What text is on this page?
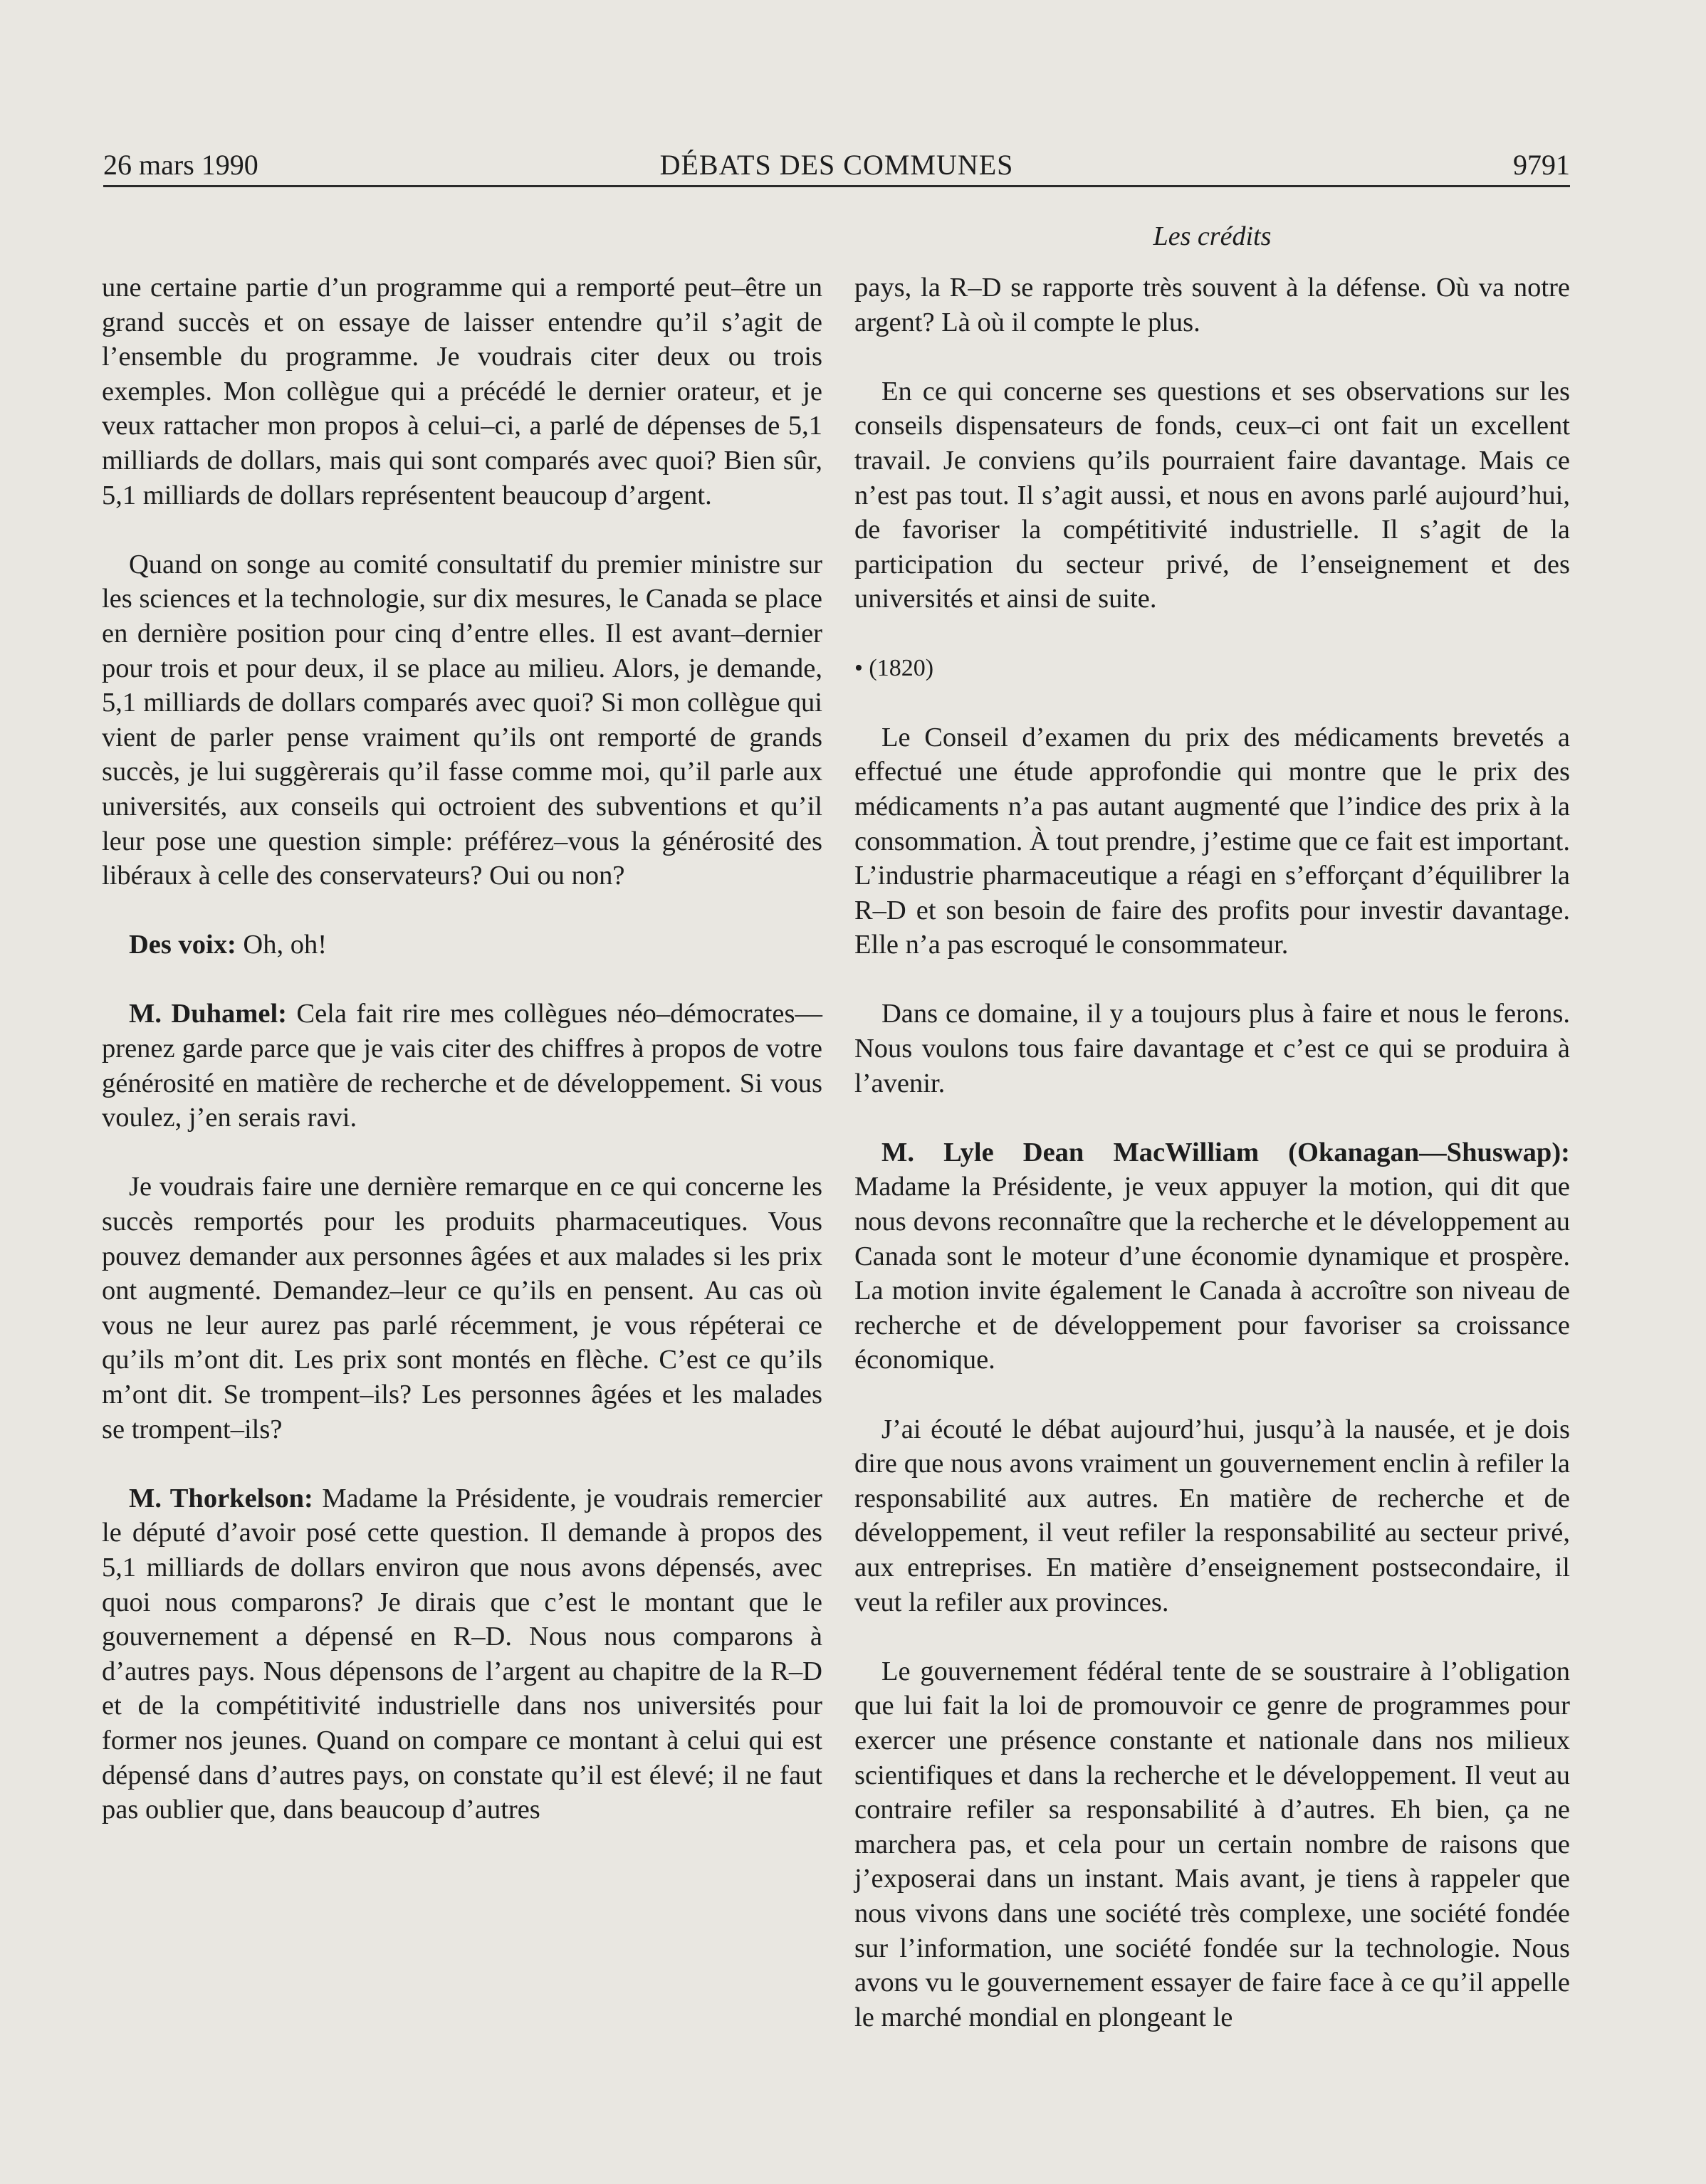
26 mars 1990	DÉBATS DES COMMUNES	9791
Les crédits

une certaine partie d’un programme qui a remporté peut–être un grand succès et on essaye de laisser entendre qu’il s’agit de l’ensemble du programme. Je voudrais citer deux ou trois exemples. Mon collègue qui a précédé le dernier orateur, et je veux rattacher mon propos à celui–ci, a parlé de dépenses de 5,1 milliards de dollars, mais qui sont comparés avec quoi? Bien sûr, 5,1 milliards de dollars représentent beaucoup d’argent.

Quand on songe au comité consultatif du premier ministre sur les sciences et la technologie, sur dix mesures, le Canada se place en dernière position pour cinq d’entre elles. Il est avant–dernier pour trois et pour deux, il se place au milieu. Alors, je demande, 5,1 milliards de dollars comparés avec quoi? Si mon collègue qui vient de parler pense vraiment qu’ils ont remporté de grands succès, je lui suggèrerais qu’il fasse comme moi, qu’il parle aux universités, aux conseils qui octroient des subventions et qu’il leur pose une question simple: préférez–vous la générosité des libéraux à celle des conservateurs? Oui ou non?

Des voix: Oh, oh!

M. Duhamel: Cela fait rire mes collègues néo–démocrates—prenez garde parce que je vais citer des chiffres à propos de votre générosité en matière de recherche et de développement. Si vous voulez, j’en serais ravi.

Je voudrais faire une dernière remarque en ce qui concerne les succès remportés pour les produits pharmaceutiques. Vous pouvez demander aux personnes âgées et aux malades si les prix ont augmenté. Demandez–leur ce qu’ils en pensent. Au cas où vous ne leur aurez pas parlé récemment, je vous répéterai ce qu’ils m’ont dit. Les prix sont montés en flèche. C’est ce qu’ils m’ont dit. Se trompent–ils? Les personnes âgées et les malades se trompent–ils?

M. Thorkelson: Madame la Présidente, je voudrais remercier le député d’avoir posé cette question. Il demande à propos des 5,1 milliards de dollars environ que nous avons dépensés, avec quoi nous comparons? Je dirais que c’est le montant que le gouvernement a dépensé en R–D. Nous nous comparons à d’autres pays. Nous dépensons de l’argent au chapitre de la R–D et de la compétitivité industrielle dans nos universités pour former nos jeunes. Quand on compare ce montant à celui qui est dépensé dans d’autres pays, on constate qu’il est élevé; il ne faut pas oublier que, dans beaucoup d’autres

pays, la R–D se rapporte très souvent à la défense. Où va notre argent? Là où il compte le plus.

En ce qui concerne ses questions et ses observations sur les conseils dispensateurs de fonds, ceux–ci ont fait un excellent travail. Je conviens qu’ils pourraient faire davantage. Mais ce n’est pas tout. Il s’agit aussi, et nous en avons parlé aujourd’hui, de favoriser la compétitivité industrielle. Il s’agit de la participation du secteur privé, de l’enseignement et des universités et ainsi de suite.

• (1820)

Le Conseil d’examen du prix des médicaments brevetés a effectué une étude approfondie qui montre que le prix des médicaments n’a pas autant augmenté que l’indice des prix à la consommation. À tout prendre, j’estime que ce fait est important. L’industrie pharmaceutique a réagi en s’efforçant d’équilibrer la R–D et son besoin de faire des profits pour investir davantage. Elle n’a pas escroqué le consommateur.

Dans ce domaine, il y a toujours plus à faire et nous le ferons. Nous voulons tous faire davantage et c’est ce qui se produira à l’avenir.

M. Lyle Dean MacWilliam (Okanagan—Shuswap): Madame la Présidente, je veux appuyer la motion, qui dit que nous devons reconnaître que la recherche et le développement au Canada sont le moteur d’une économie dynamique et prospère. La motion invite également le Canada à accroître son niveau de recherche et de développement pour favoriser sa croissance économique.

J’ai écouté le débat aujourd’hui, jusqu’à la nausée, et je dois dire que nous avons vraiment un gouvernement enclin à refiler la responsabilité aux autres. En matière de recherche et de développement, il veut refiler la responsabilité au secteur privé, aux entreprises. En matière d’enseignement postsecondaire, il veut la refiler aux provinces.

Le gouvernement fédéral tente de se soustraire à l’obligation que lui fait la loi de promouvoir ce genre de programmes pour exercer une présence constante et nationale dans nos milieux scientifiques et dans la recherche et le développement. Il veut au contraire refiler sa responsabilité à d’autres. Eh bien, ça ne marchera pas, et cela pour un certain nombre de raisons que j’exposerai dans un instant. Mais avant, je tiens à rappeler que nous vivons dans une société très complexe, une société fondée sur l’information, une société fondée sur la technologie. Nous avons vu le gouvernement essayer de faire face à ce qu’il appelle le marché mondial en plongeant le
